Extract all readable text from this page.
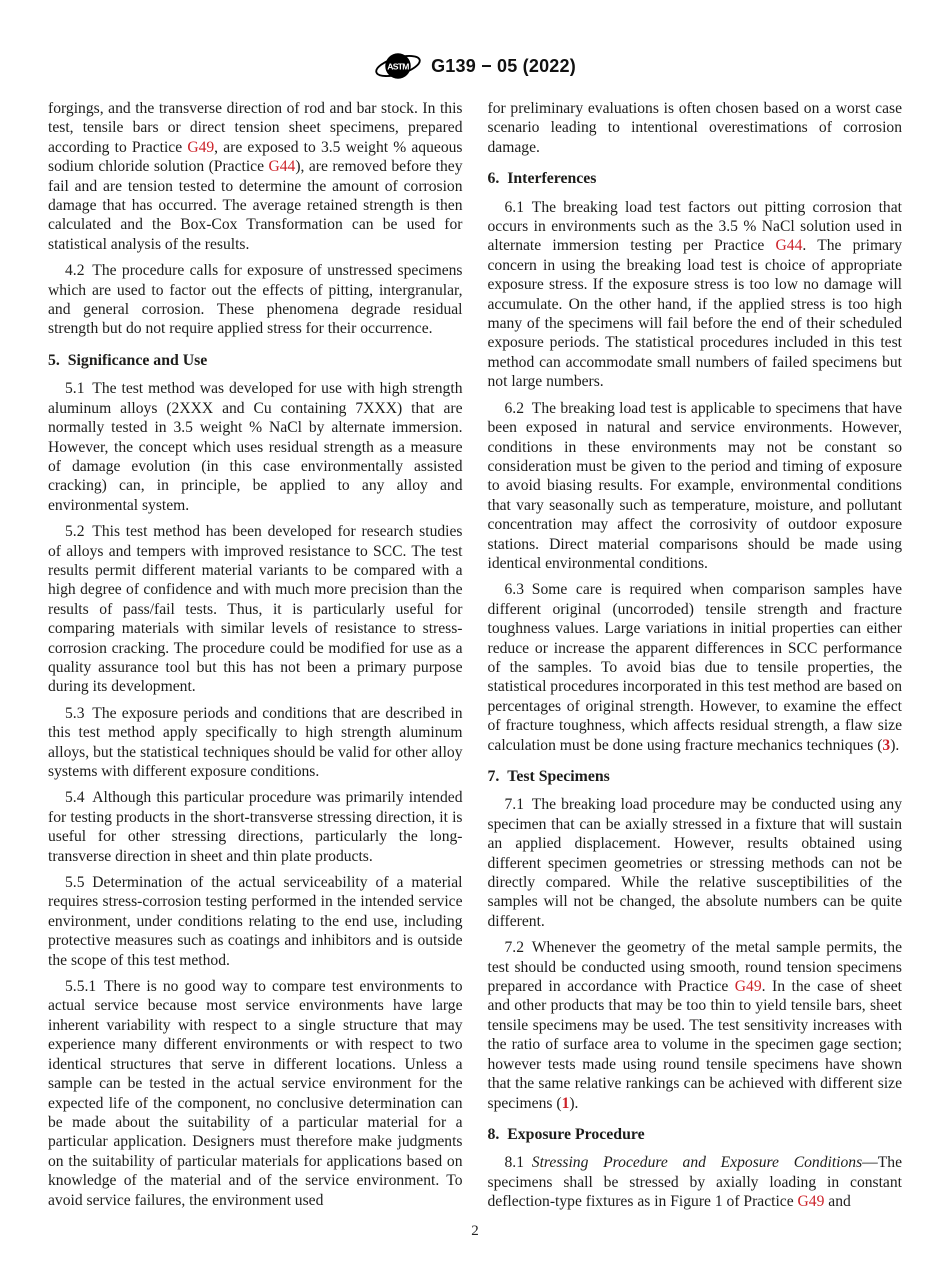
ASTM G139 − 05 (2022)

forgings, and the transverse direction of rod and bar stock. In this test, tensile bars or direct tension sheet specimens, prepared according to Practice G49, are exposed to 3.5 weight % aqueous sodium chloride solution (Practice G44), are removed before they fail and are tension tested to determine the amount of corrosion damage that has occurred. The average retained strength is then calculated and the Box-Cox Transformation can be used for statistical analysis of the results.

4.2 The procedure calls for exposure of unstressed specimens which are used to factor out the effects of pitting, intergranular, and general corrosion. These phenomena degrade residual strength but do not require applied stress for their occurrence.

5. Significance and Use

5.1 The test method was developed for use with high strength aluminum alloys (2XXX and Cu containing 7XXX) that are normally tested in 3.5 weight % NaCl by alternate immersion. However, the concept which uses residual strength as a measure of damage evolution (in this case environmentally assisted cracking) can, in principle, be applied to any alloy and environmental system.

5.2 This test method has been developed for research studies of alloys and tempers with improved resistance to SCC. The test results permit different material variants to be compared with a high degree of confidence and with much more precision than the results of pass/fail tests. Thus, it is particularly useful for comparing materials with similar levels of resistance to stress-corrosion cracking. The procedure could be modified for use as a quality assurance tool but this has not been a primary purpose during its development.

5.3 The exposure periods and conditions that are described in this test method apply specifically to high strength aluminum alloys, but the statistical techniques should be valid for other alloy systems with different exposure conditions.

5.4 Although this particular procedure was primarily intended for testing products in the short-transverse stressing direction, it is useful for other stressing directions, particularly the long-transverse direction in sheet and thin plate products.

5.5 Determination of the actual serviceability of a material requires stress-corrosion testing performed in the intended service environment, under conditions relating to the end use, including protective measures such as coatings and inhibitors and is outside the scope of this test method.

5.5.1 There is no good way to compare test environments to actual service because most service environments have large inherent variability with respect to a single structure that may experience many different environments or with respect to two identical structures that serve in different locations. Unless a sample can be tested in the actual service environment for the expected life of the component, no conclusive determination can be made about the suitability of a particular material for a particular application. Designers must therefore make judgments on the suitability of particular materials for applications based on knowledge of the material and of the service environment. To avoid service failures, the environment used

for preliminary evaluations is often chosen based on a worst case scenario leading to intentional overestimations of corrosion damage.

6. Interferences

6.1 The breaking load test factors out pitting corrosion that occurs in environments such as the 3.5 % NaCl solution used in alternate immersion testing per Practice G44. The primary concern in using the breaking load test is choice of appropriate exposure stress. If the exposure stress is too low no damage will accumulate. On the other hand, if the applied stress is too high many of the specimens will fail before the end of their scheduled exposure periods. The statistical procedures included in this test method can accommodate small numbers of failed specimens but not large numbers.

6.2 The breaking load test is applicable to specimens that have been exposed in natural and service environments. However, conditions in these environments may not be constant so consideration must be given to the period and timing of exposure to avoid biasing results. For example, environmental conditions that vary seasonally such as temperature, moisture, and pollutant concentration may affect the corrosivity of outdoor exposure stations. Direct material comparisons should be made using identical environmental conditions.

6.3 Some care is required when comparison samples have different original (uncorroded) tensile strength and fracture toughness values. Large variations in initial properties can either reduce or increase the apparent differences in SCC performance of the samples. To avoid bias due to tensile properties, the statistical procedures incorporated in this test method are based on percentages of original strength. However, to examine the effect of fracture toughness, which affects residual strength, a flaw size calculation must be done using fracture mechanics techniques (3).

7. Test Specimens

7.1 The breaking load procedure may be conducted using any specimen that can be axially stressed in a fixture that will sustain an applied displacement. However, results obtained using different specimen geometries or stressing methods can not be directly compared. While the relative susceptibilities of the samples will not be changed, the absolute numbers can be quite different.

7.2 Whenever the geometry of the metal sample permits, the test should be conducted using smooth, round tension specimens prepared in accordance with Practice G49. In the case of sheet and other products that may be too thin to yield tensile bars, sheet tensile specimens may be used. The test sensitivity increases with the ratio of surface area to volume in the specimen gage section; however tests made using round tensile specimens have shown that the same relative rankings can be achieved with different size specimens (1).

8. Exposure Procedure

8.1 Stressing Procedure and Exposure Conditions—The specimens shall be stressed by axially loading in constant deflection-type fixtures as in Figure 1 of Practice G49 and

2
